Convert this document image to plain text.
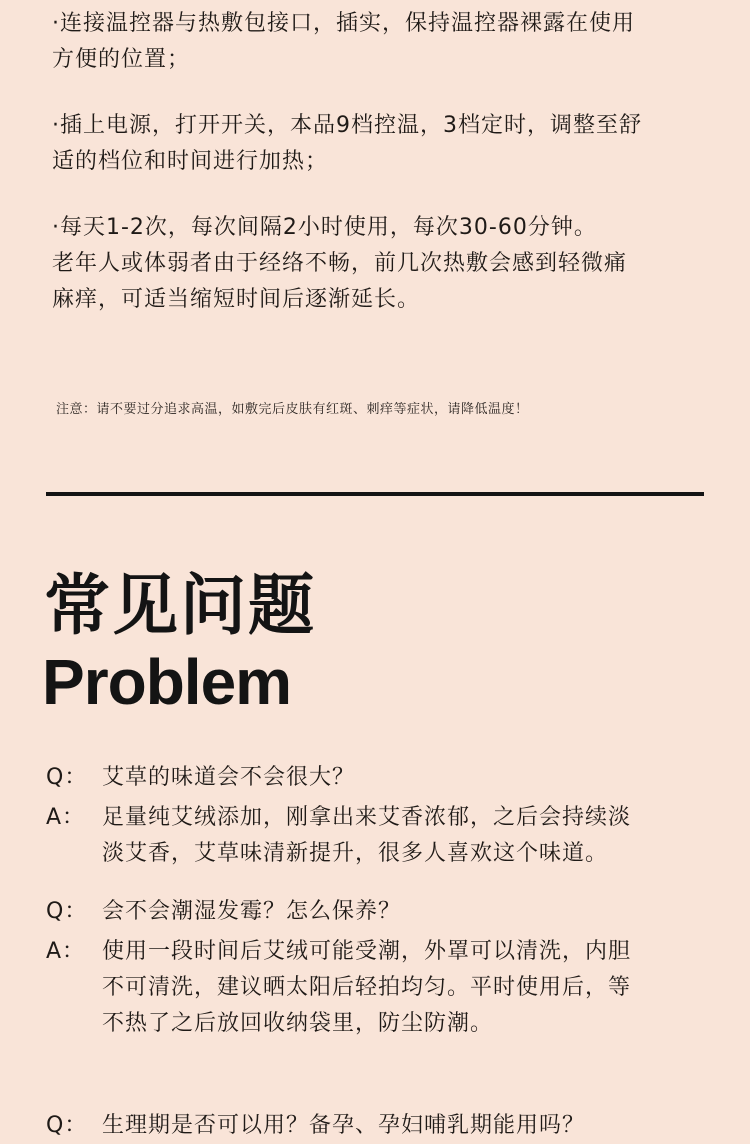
·连接温控器与热敷包接口，插实，保持温控器裸露在使用
方便的位置；

·插上电源，打开开关，本品9档控温，3档定时，调整至舒
适的档位和时间进行加热；

·每天1-2次，每次间隔2小时使用，每次30-60分钟。
老年人或体弱者由于经络不畅，前几次热敷会感到轻微痛
麻痒，可适当缩短时间后逐渐延长。

注意：请不要过分追求高温，如敷完后皮肤有红斑、刺痒等症状，请降低温度！
常见问题
Problem
Q： 艾草的味道会不会很大？
A： 足量纯艾绒添加，刚拿出来艾香浓郁，之后会持续淡
淡艾香，艾草味清新提升，很多人喜欢这个味道。
Q： 会不会潮湿发霉？怎么保养？
A： 使用一段时间后艾绒可能受潮，外罩可以清洗，内胆
不可清洗，建议晒太阳后轻拍均匀。平时使用后，等
不热了之后放回收纳袋里，防尘防潮。
Q： 生理期是否可以用？备孕、孕妇哺乳期能用吗？
